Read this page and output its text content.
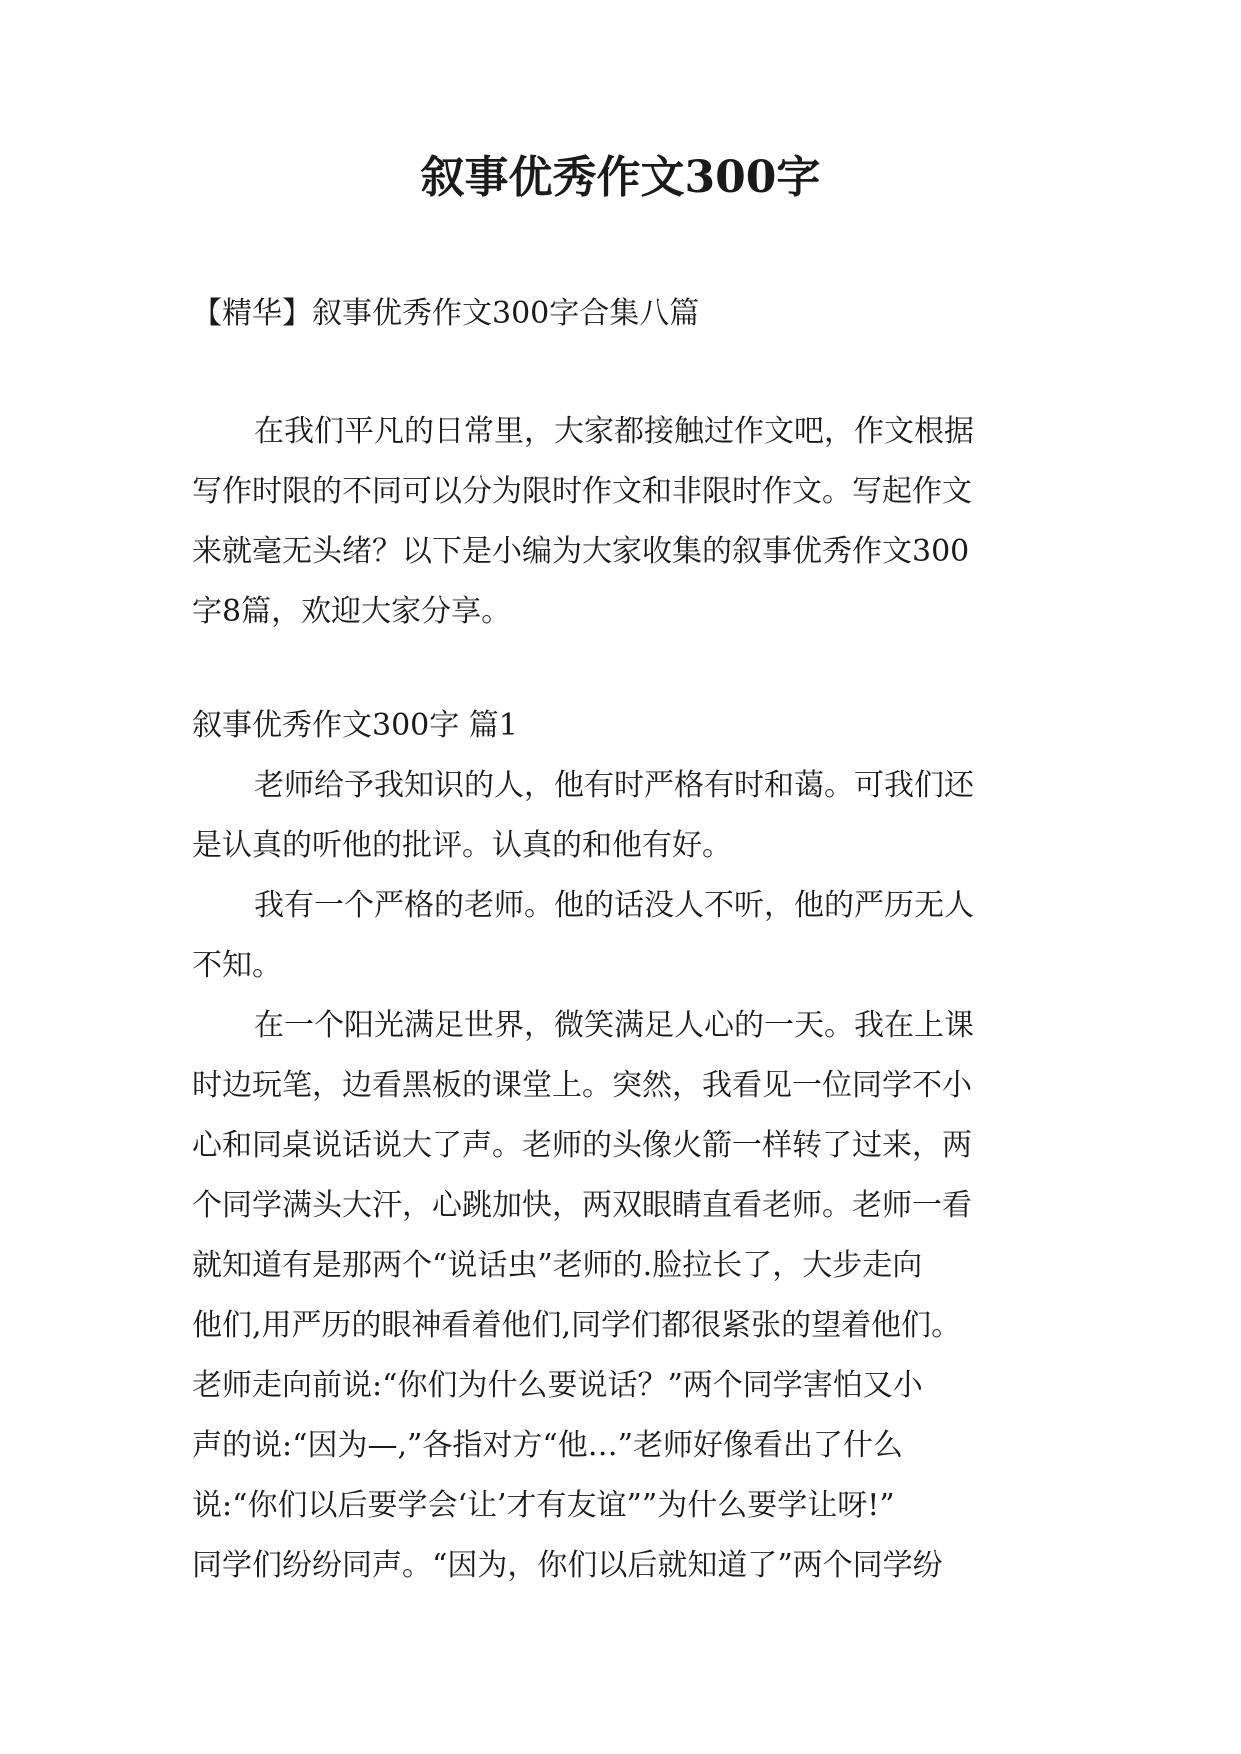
叙事优秀作文300字
【精华】叙事优秀作文300字合集八篇
在我们平凡的日常里，大家都接触过作文吧，作文根据
写作时限的不同可以分为限时作文和非限时作文。写起作文
来就毫无头绪？以下是小编为大家收集的叙事优秀作文300
字8篇，欢迎大家分享。
叙事优秀作文300字 篇1
老师给予我知识的人，他有时严格有时和蔼。可我们还
是认真的听他的批评。认真的和他有好。
我有一个严格的老师。他的话没人不听，他的严历无人
不知。
在一个阳光满足世界，微笑满足人心的一天。我在上课
时边玩笔，边看黑板的课堂上。突然，我看见一位同学不小
心和同桌说话说大了声。老师的头像火箭一样转了过来，两
个同学满头大汗，心跳加快，两双眼睛直看老师。老师一看
就知道有是那两个“说话虫”老师的.脸拉长了，大步走向
他们,用严历的眼神看着他们,同学们都很紧张的望着他们。
老师走向前说:“你们为什么要说话？”两个同学害怕又小
声的说:“因为—,”各指对方“他…”老师好像看出了什么
说:“你们以后要学会‘让’才有友谊””为什么要学让呀!”
同学们纷纷同声。“因为，你们以后就知道了”两个同学纷
